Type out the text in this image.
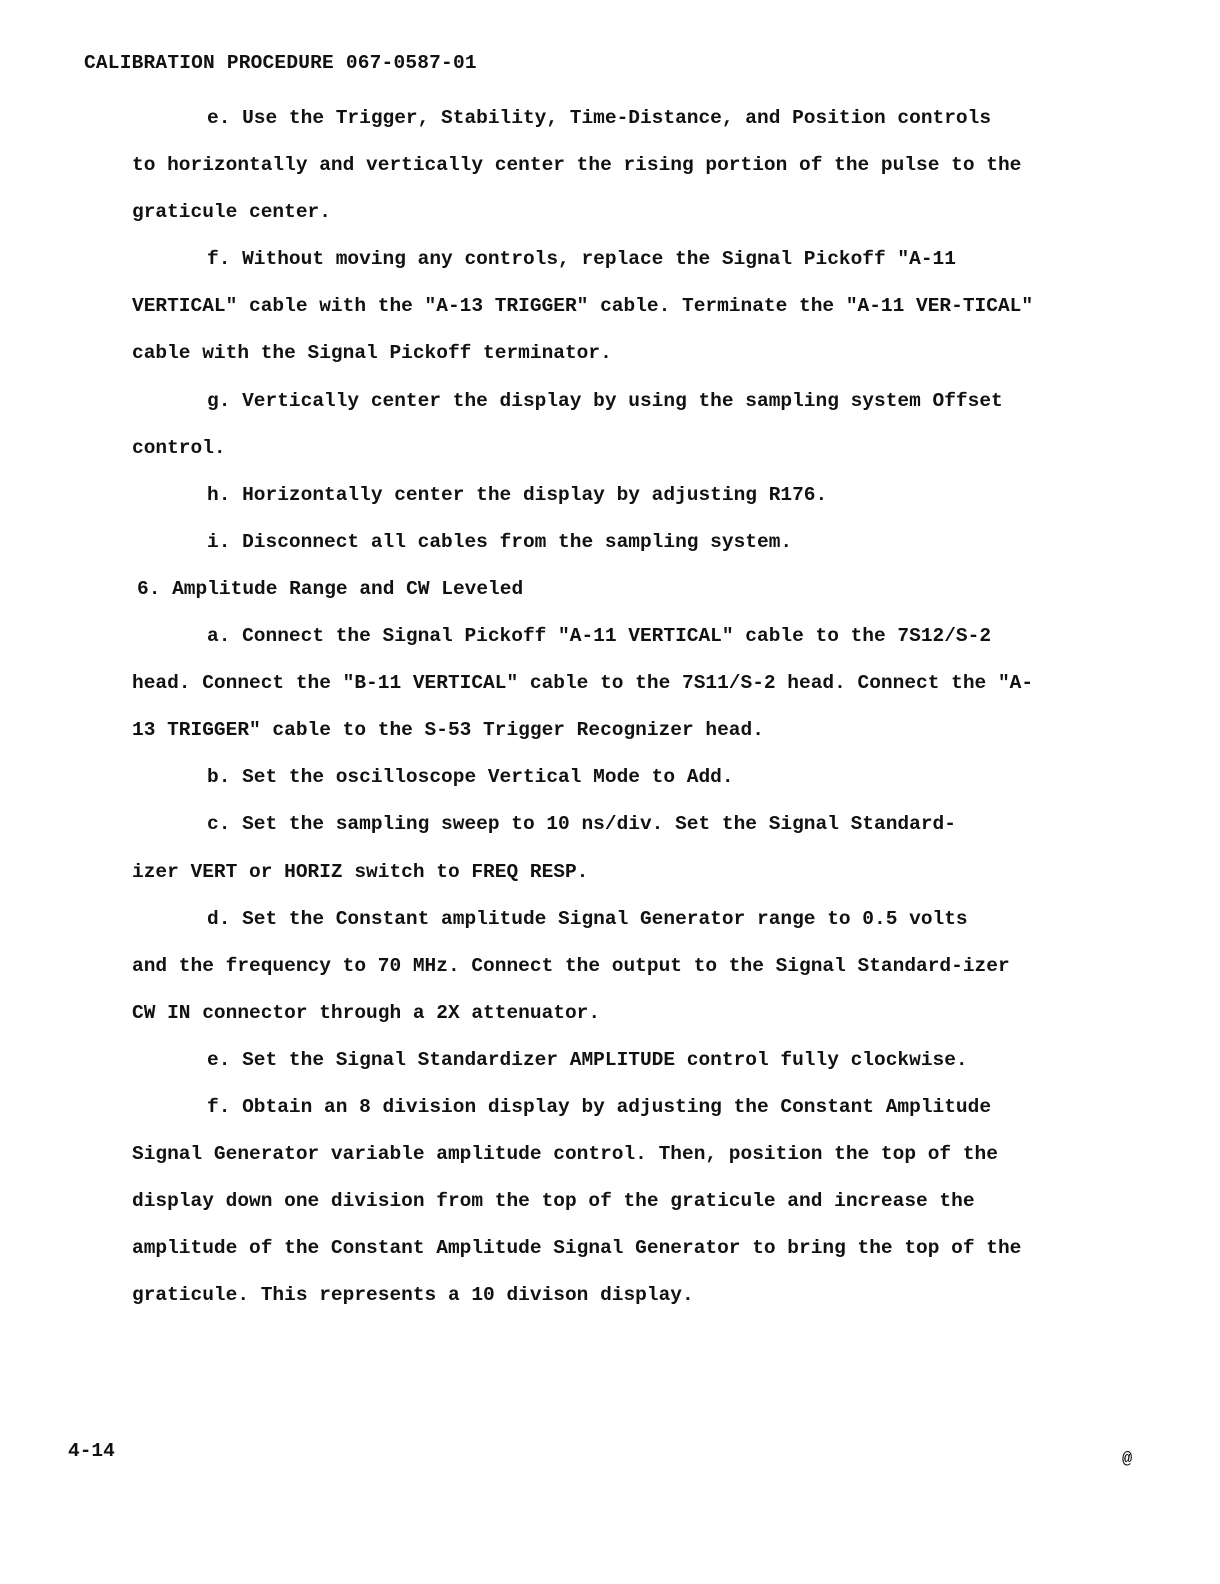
CALIBRATION PROCEDURE 067-0587-01
e. Use the Trigger, Stability, Time-Distance, and Position controls
to horizontally and vertically center the rising portion of the pulse to the graticule center.
f. Without moving any controls, replace the Signal Pickoff "A-11
VERTICAL" cable with the "A-13 TRIGGER" cable. Terminate the "A-11 VER-TICAL" cable with the Signal Pickoff terminator.
g. Vertically center the display by using the sampling system Offset
control.
h. Horizontally center the display by adjusting R176.
i. Disconnect all cables from the sampling system.
6. Amplitude Range and CW Leveled
a. Connect the Signal Pickoff "A-11 VERTICAL" cable to the 7S12/S-2
head. Connect the "B-11 VERTICAL" cable to the 7S11/S-2 head. Connect the "A-13 TRIGGER" cable to the S-53 Trigger Recognizer head.
b. Set the oscilloscope Vertical Mode to Add.
c. Set the sampling sweep to 10 ns/div. Set the Signal Standard-
izer VERT or HORIZ switch to FREQ RESP.
d. Set the Constant amplitude Signal Generator range to 0.5 volts
and the frequency to 70 MHz. Connect the output to the Signal Standard-izer CW IN connector through a 2X attenuator.
e. Set the Signal Standardizer AMPLITUDE control fully clockwise.
f. Obtain an 8 division display by adjusting the Constant Amplitude
Signal Generator variable amplitude control. Then, position the top of the display down one division from the top of the graticule and increase the amplitude of the Constant Amplitude Signal Generator to bring the top of the graticule. This represents a 10 divison display.
4-14	@
